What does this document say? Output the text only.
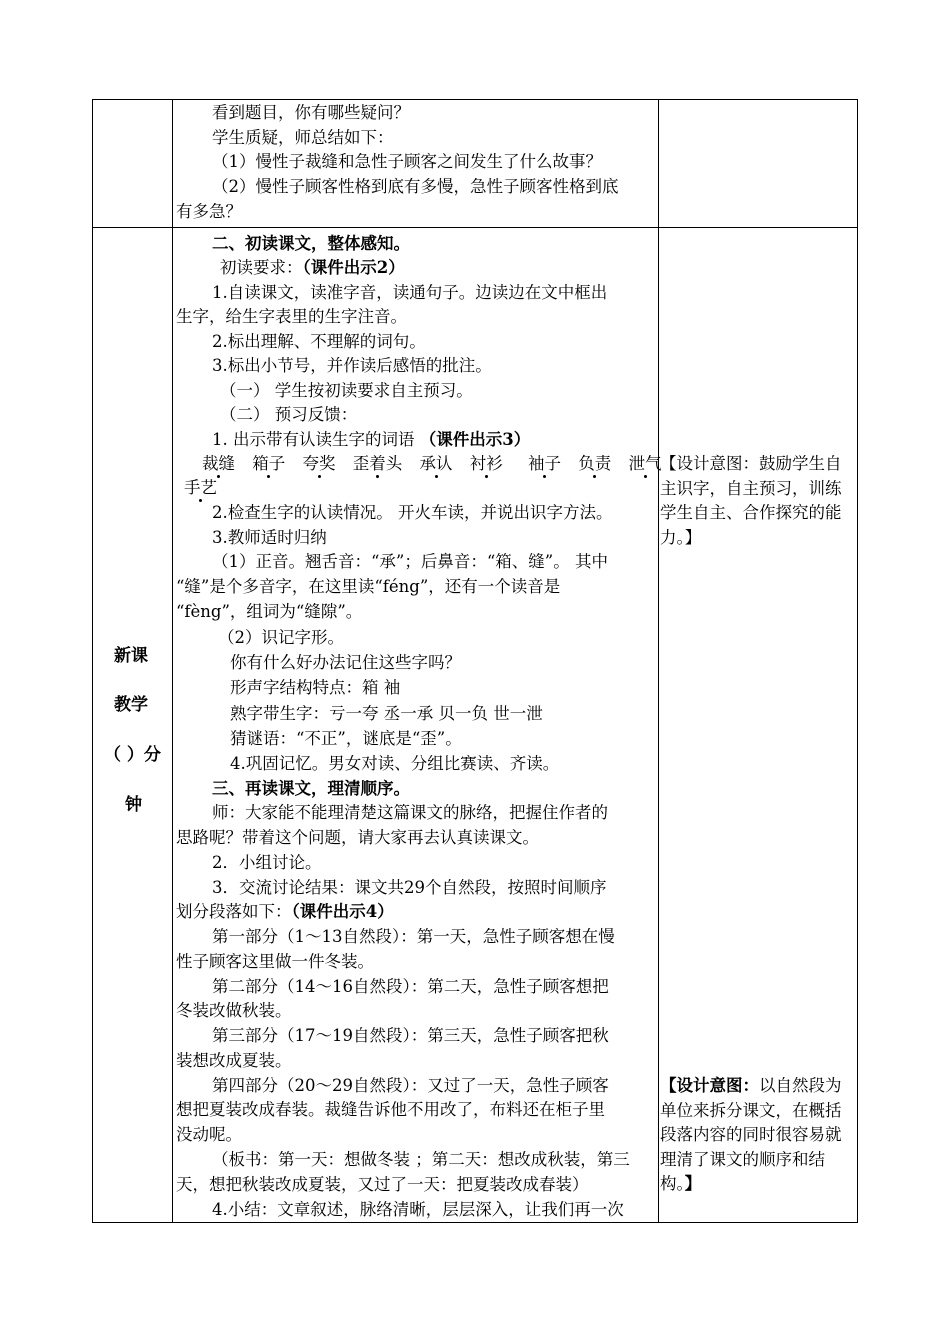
看到题目，你有哪些疑问？
学生质疑，师总结如下：
（1）慢性子裁缝和急性子顾客之间发生了什么故事？
（2）慢性子顾客性格到底有多慢，急性子顾客性格到底
有多急？
新课
教学
（ ）分
钟
二、初读课文，整体感知。
初读要求：（课件出示2）
1.自读课文，读准字音，读通句子。边读边在文中框出
生字，给生字表里的生字注音。
2.标出理解、不理解的词句。
3.标出小节号，并作读后感悟的批注。
（一） 学生按初读要求自主预习。
（二） 预习反馈：
1. 出示带有认读生字的词语 （课件出示3）
裁缝 箱子 夸奖 歪着头 承认 衬衫 袖子 负责 泄气
手艺
2.检查生字的认读情况。 开火车读，并说出识字方法。
3.教师适时归纳
（1）正音。翘舌音：“承”；后鼻音：“箱、缝”。 其中
“缝”是个多音字，在这里读“féng”，还有一个读音是
“fèng”，组词为“缝隙”。
（2）识记字形。
你有什么好办法记住这些字吗？
形声字结构特点：箱 袖
熟字带生字：亏一夸 丞一承 贝一负 世一泄
猜谜语：“不正”，谜底是“歪”。
4.巩固记忆。男女对读、分组比赛读、齐读。
三、再读课文，理清顺序。
师：大家能不能理清楚这篇课文的脉络，把握住作者的
思路呢？带着这个问题，请大家再去认真读课文。
2．小组讨论。
3．交流讨论结果：课文共29个自然段，按照时间顺序
划分段落如下：（课件出示4）
第一部分（1～13自然段）：第一天，急性子顾客想在慢
性子顾客这里做一件冬装。
第二部分（14～16自然段）：第二天，急性子顾客想把
冬装改做秋装。
第三部分（17～19自然段）：第三天，急性子顾客把秋
装想改成夏装。
第四部分（20～29自然段）：又过了一天，急性子顾客
想把夏装改成春装。裁缝告诉他不用改了，布料还在柜子里
没动呢。
（板书：第一天：想做冬装 ；第二天：想改成秋装，第三
天，想把秋装改成夏装，又过了一天：把夏装改成春装）
4.小结：文章叙述，脉络清晰，层层深入，让我们再一次
【设计意图：鼓励学生自主识字，自主预习，训练学生自主、合作探究的能力。】
【设计意图：以自然段为单位来拆分课文，在概括段落内容的同时很容易就理清了课文的顺序和结构。】
